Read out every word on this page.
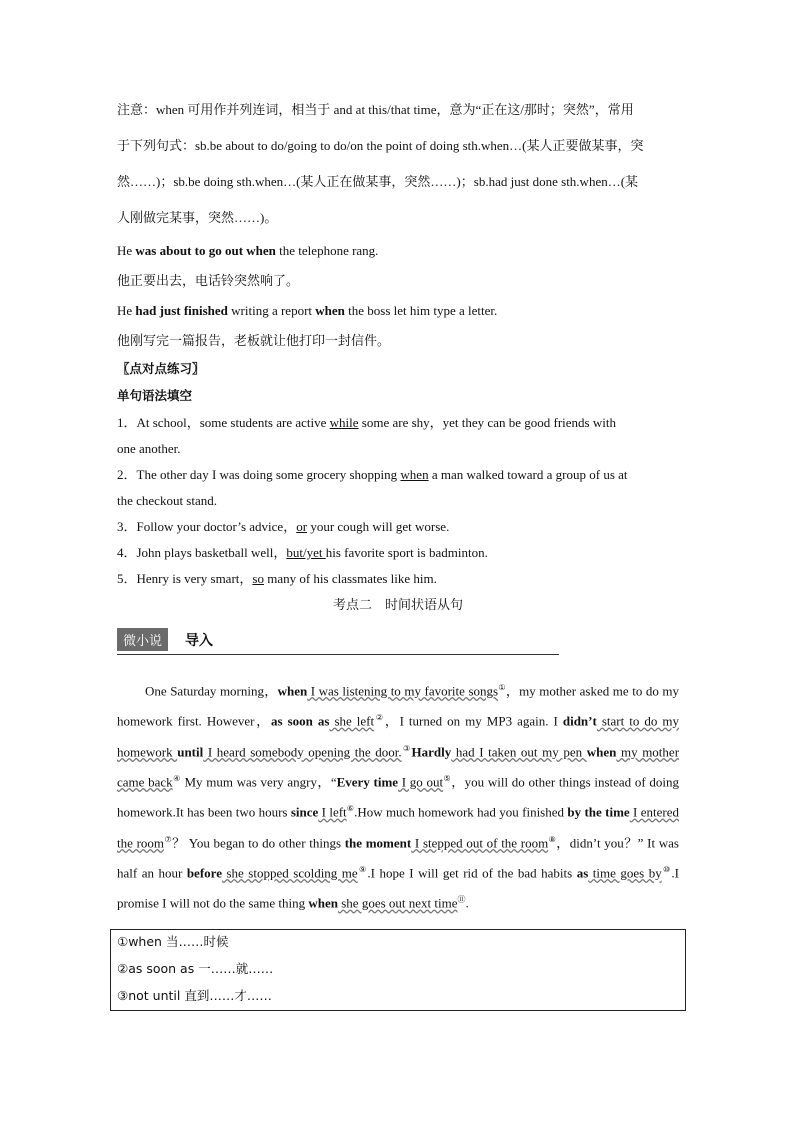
注意：when 可用作并列连词，相当于 and at this/that time，意为“正在这/那时；突然”，常用
于下列句式：sb.be about to do/going to do/on the point of doing sth.when…(某人正要做某事，突
然……)；sb.be doing sth.when…(某人正在做某事，突然……)；sb.had just done sth.when…(某
人刚做完某事，突然……)。
He was about to go out when the telephone rang.
他正要出去，电话铃突然响了。
He had just finished writing a report when the boss let him type a letter.
他刚写完一篇报告，老板就让他打印一封信件。
〖点对点练习〗
单句语法填空
1．At school，some students are active while some are shy，yet they can be good friends with
one another.
2．The other day I was doing some grocery shopping when a man walked toward a group of us at
the checkout stand.
3．Follow your doctor’s advice，or your cough will get worse.
4．John plays basketball well，but/yet his favorite sport is badminton.
5．Henry is very smart，so many of his classmates like him.
考点二　时间状语从句
微小说	导入
One Saturday morning，when I was listening to my favorite songs①，my mother asked me to do my homework first. However，as soon as she left②，I turned on my MP3 again. I didn’t start to do my homework until I heard somebody opening the door.③Hardly had I taken out my pen when my mother came back④ My mum was very angry，“Every time I go out⑤，you will do other things instead of doing homework.It has been two hours since I left⑥.How much homework had you finished by the time I entered the room⑦？ You began to do other things the moment I stepped out of the room⑧，didn’t you？” It was half an hour before she stopped scolding me⑨.I hope I will get rid of the bad habits as time goes by⑩.I promise I will not do the same thing when she goes out next time⑪.
①when 当……时候
②as soon as 一……就……
③not until 直到……才……
